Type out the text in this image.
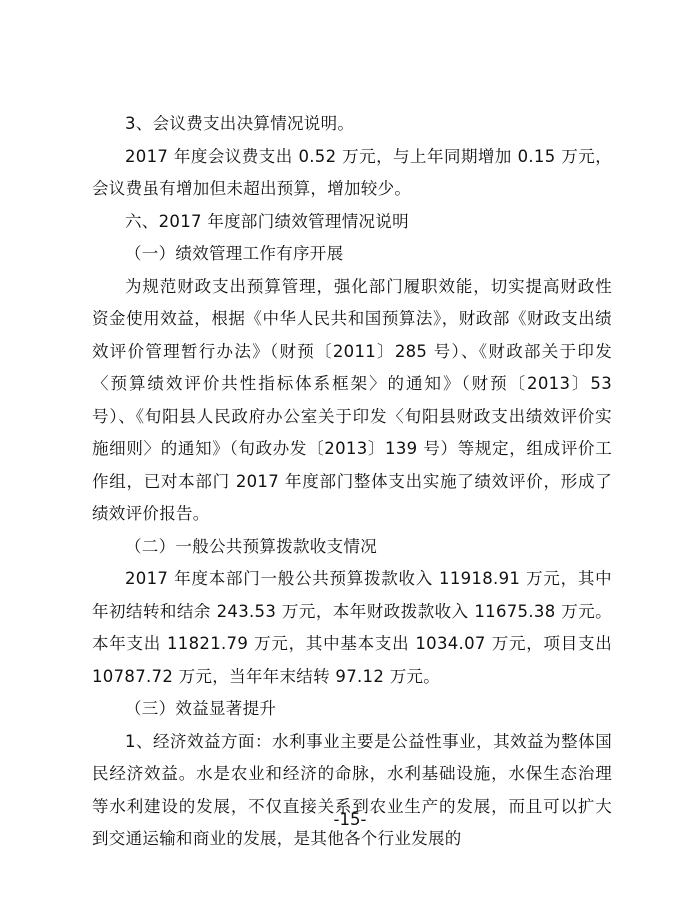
3、会议费支出决算情况说明。

2017 年度会议费支出 0.52 万元，与上年同期增加 0.15 万元，会议费虽有增加但未超出预算，增加较少。

六、2017 年度部门绩效管理情况说明

（一）绩效管理工作有序开展

为规范财政支出预算管理，强化部门履职效能，切实提高财政性资金使用效益，根据《中华人民共和国预算法》，财政部《财政支出绩效评价管理暂行办法》（财预〔2011〕285 号）、《财政部关于印发〈预算绩效评价共性指标体系框架〉的通知》（财预〔2013〕53 号）、《旬阳县人民政府办公室关于印发〈旬阳县财政支出绩效评价实施细则〉的通知》（旬政办发〔2013〕139 号）等规定，组成评价工作组，已对本部门 2017 年度部门整体支出实施了绩效评价，形成了绩效评价报告。

（二）一般公共预算拨款收支情况

2017 年度本部门一般公共预算拨款收入 11918.91 万元，其中年初结转和结余 243.53 万元，本年财政拨款收入 11675.38 万元。本年支出 11821.79 万元，其中基本支出 1034.07 万元，项目支出 10787.72 万元，当年年末结转 97.12 万元。

（三）效益显著提升

1、经济效益方面：水利事业主要是公益性事业，其效益为整体国民经济效益。水是农业和经济的命脉，水利基础设施，水保生态治理等水利建设的发展，不仅直接关系到农业生产的发展，而且可以扩大到交通运输和商业的发展，是其他各个行业发展的

-15-
